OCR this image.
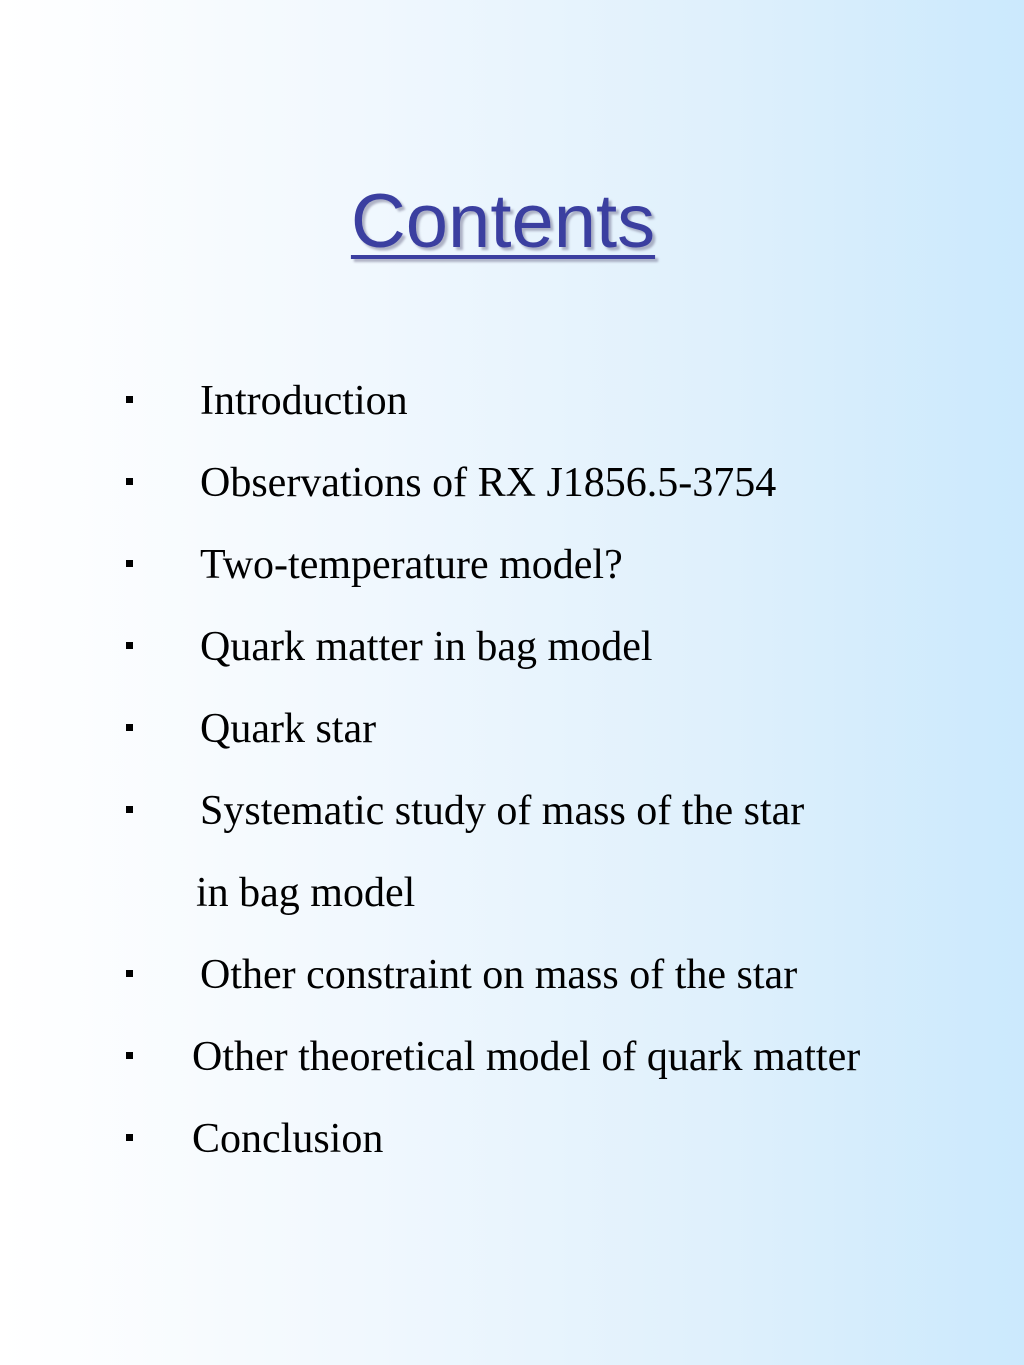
Contents
Introduction
Observations of RX J1856.5-3754
Two-temperature model?
Quark matter in bag model
Quark star
Systematic study of mass of the star
in bag model
Other constraint on mass of the star
Other theoretical model of quark matter
Conclusion
